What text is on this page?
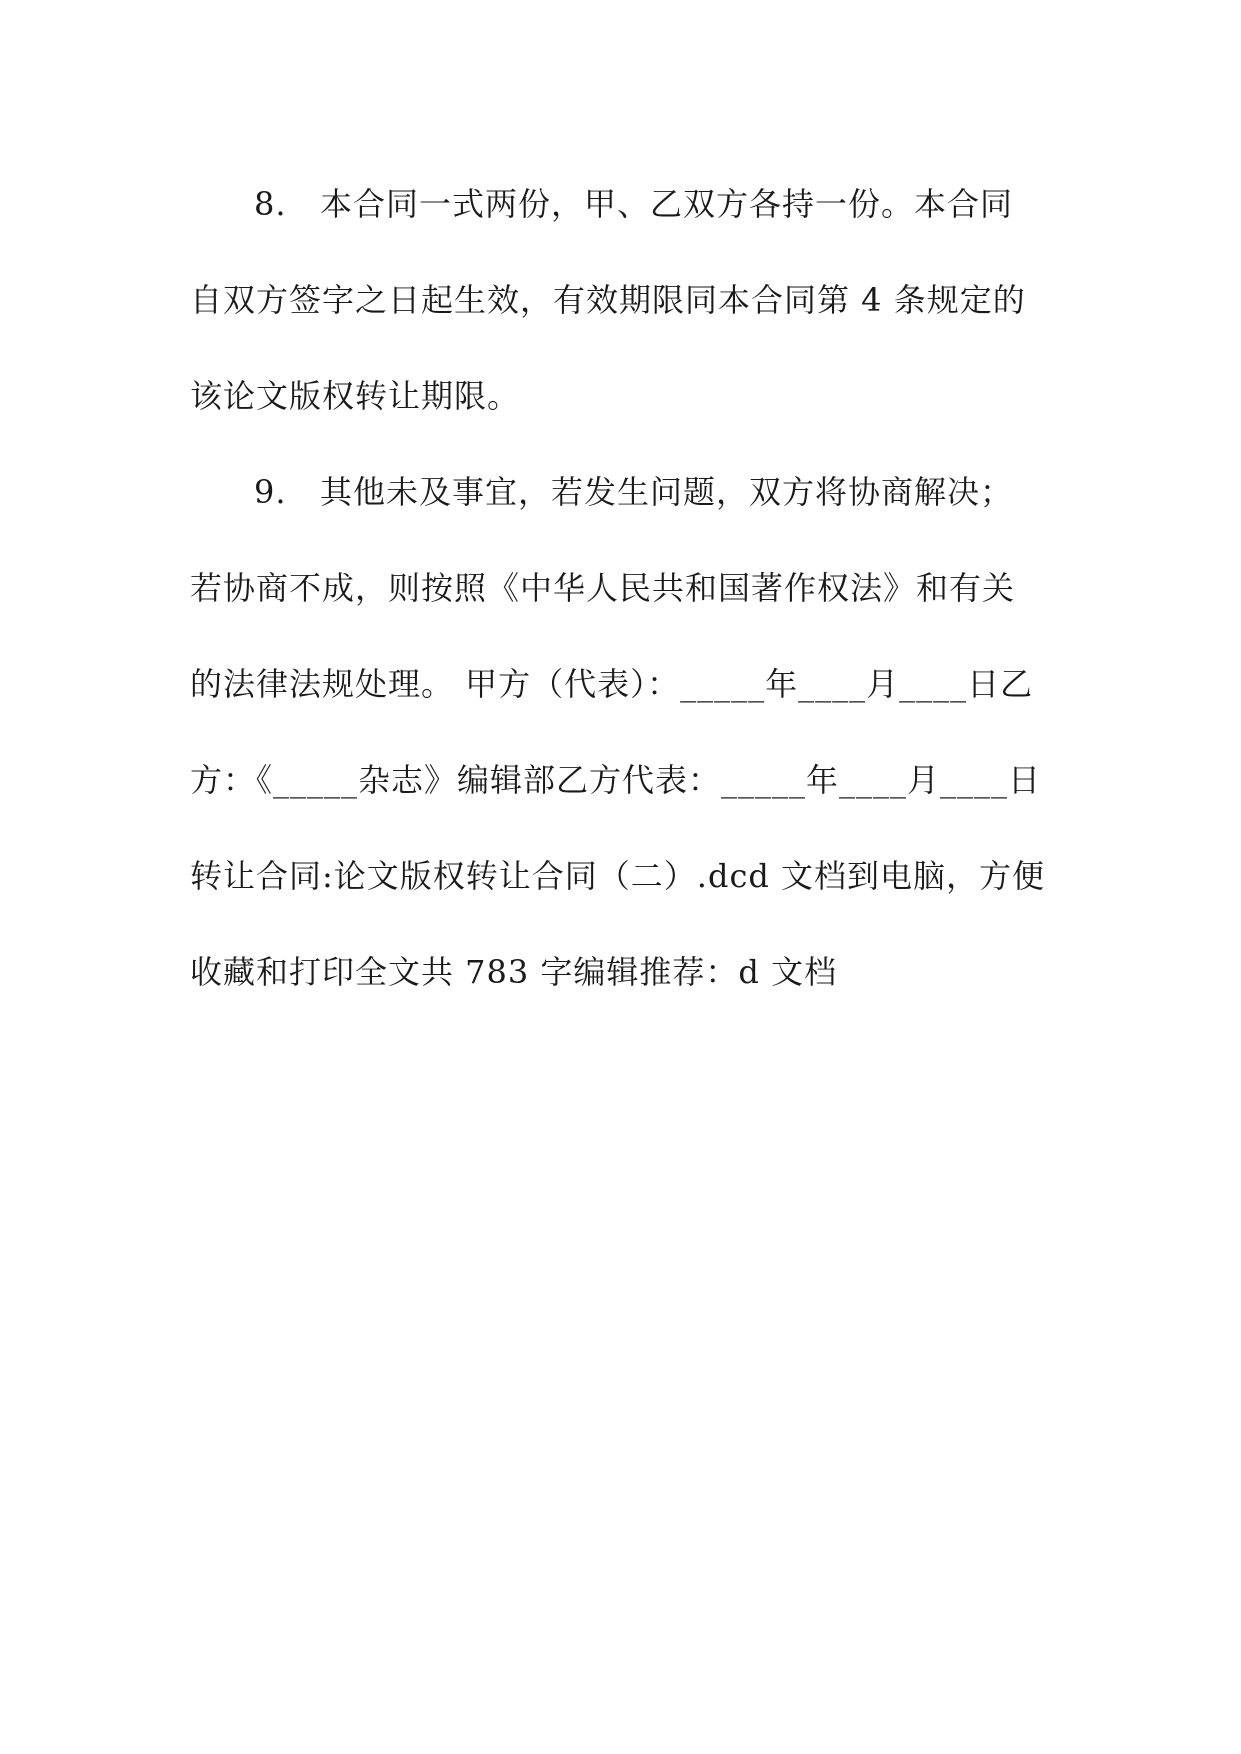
8. 本合同一式两份，甲、乙双方各持一份。本合同
自双方签字之日起生效，有效期限同本合同第 4 条规定的
该论文版权转让期限。
9. 其他未及事宜，若发生问题，双方将协商解决；
若协商不成，则按照《中华人民共和国著作权法》和有关
的法律法规处理。 甲方（代表）：_____年____月____日乙
方：《_____杂志》编辑部乙方代表：_____年____月____日
转让合同:论文版权转让合同（二）.dcd 文档到电脑，方便
收藏和打印全文共 783 字编辑推荐：d 文档
